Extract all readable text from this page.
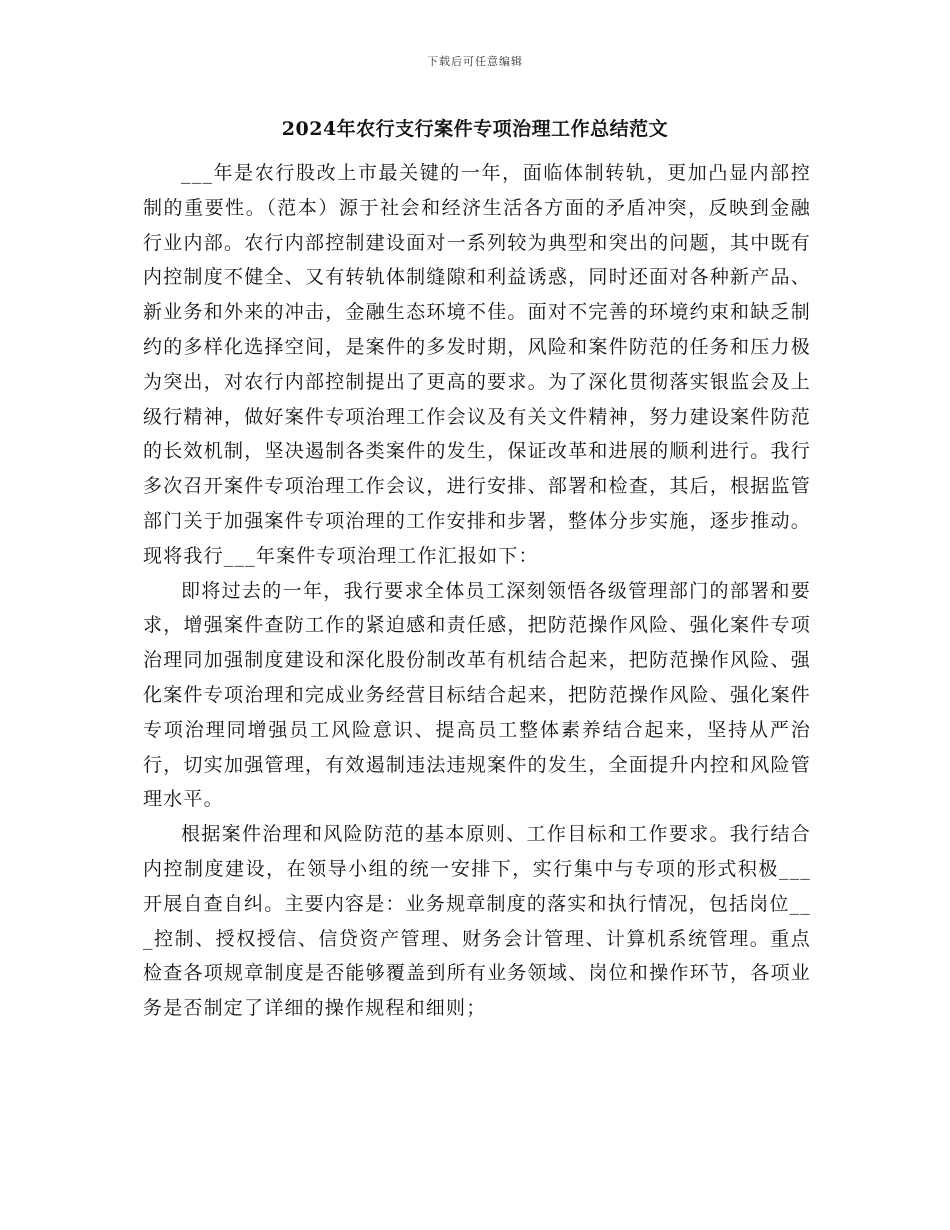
下载后可任意编辑
2024年农行支行案件专项治理工作总结范文

___年是农行股改上市最关键的一年，面临体制转轨，更加凸显内部控制的重要性。（范本）源于社会和经济生活各方面的矛盾冲突，反映到金融行业内部。农行内部控制建设面对一系列较为典型和突出的问题，其中既有内控制度不健全、又有转轨体制缝隙和利益诱惑，同时还面对各种新产品、新业务和外来的冲击，金融生态环境不佳。面对不完善的环境约束和缺乏制约的多样化选择空间，是案件的多发时期，风险和案件防范的任务和压力极为突出，对农行内部控制提出了更高的要求。为了深化贯彻落实银监会及上级行精神，做好案件专项治理工作会议及有关文件精神，努力建设案件防范的长效机制，坚决遏制各类案件的发生，保证改革和进展的顺利进行。我行多次召开案件专项治理工作会议，进行安排、部署和检查，其后，根据监管部门关于加强案件专项治理的工作安排和步署，整体分步实施，逐步推动。现将我行___年案件专项治理工作汇报如下：

即将过去的一年，我行要求全体员工深刻领悟各级管理部门的部署和要求，增强案件查防工作的紧迫感和责任感，把防范操作风险、强化案件专项治理同加强制度建设和深化股份制改革有机结合起来，把防范操作风险、强化案件专项治理和完成业务经营目标结合起来，把防范操作风险、强化案件专项治理同增强员工风险意识、提高员工整体素养结合起来，坚持从严治行，切实加强管理，有效遏制违法违规案件的发生，全面提升内控和风险管理水平。

根据案件治理和风险防范的基本原则、工作目标和工作要求。我行结合内控制度建设，在领导小组的统一安排下，实行集中与专项的形式积极___开展自查自纠。主要内容是：业务规章制度的落实和执行情况，包括岗位___控制、授权授信、信贷资产管理、财务会计管理、计算机系统管理。重点检查各项规章制度是否能够覆盖到所有业务领域、岗位和操作环节，各项业务是否制定了详细的操作规程和细则；
